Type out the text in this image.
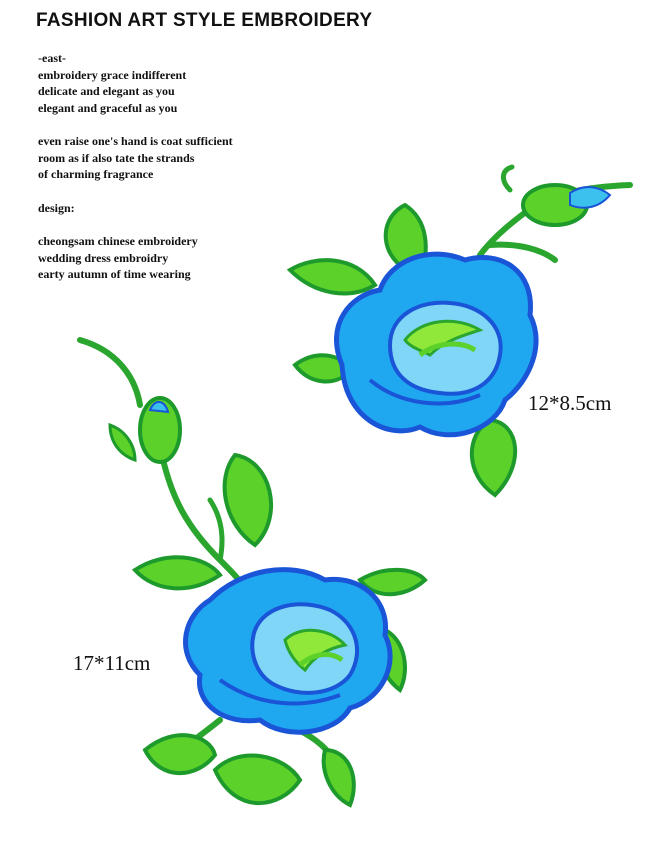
FASHION ART STYLE EMBROIDERY
-east-
embroidery grace indifferent
delicate and elegant as you
elegant and graceful as you
even raise one's hand is coat sufficient
room as if also tate the strands
of charming fragrance
design:
cheongsam chinese embroidery
wedding dress embroidry
earty autumn of time wearing
12*8.5cm
17*11cm
